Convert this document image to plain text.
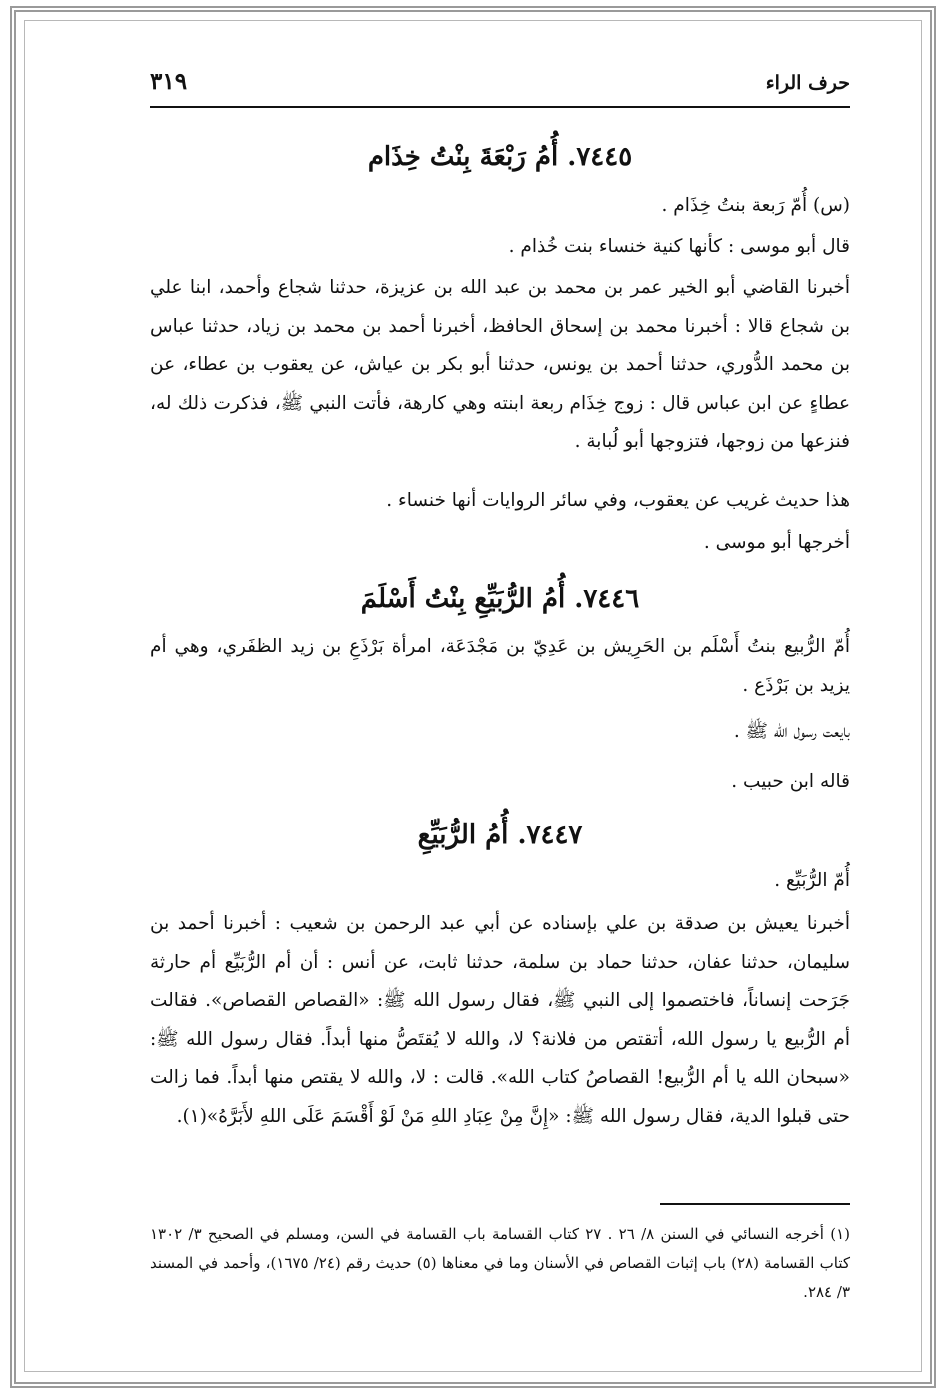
حرف الراء
٣١٩
٧٤٤٥. أُمُ رَبْعَةَ بِنْتُ خِذَام

(س) أُمّ رَبعة بنتُ خِذَام .

قال أبو موسى : كأنها كنية خنساء بنت خُذام .

أخبرنا القاضي أبو الخير عمر بن محمد بن عبد الله بن عزيزة، حدثنا شجاع وأحمد، ابنا علي بن شجاع قالا : أخبرنا محمد بن إسحاق الحافظ، أخبرنا أحمد بن محمد بن زياد، حدثنا عباس بن محمد الدُّوري، حدثنا أحمد بن يونس، حدثنا أبو بكر بن عياش، عن يعقوب بن عطاء، عن عطاءٍ عن ابن عباس قال : زوج خِذَام ربعة ابنته وهي كارهة، فأتت النبي ﷺ، فذكرت ذلك له، فنزعها من زوجها، فتزوجها أبو لُبابة .

هذا حديث غريب عن يعقوب، وفي سائر الروايات أنها خنساء .

أخرجها أبو موسى .

٧٤٤٦. أُمُ الرُّبَيِّعِ بِنْتُ أَسْلَمَ

أُمّ الرُّبيع بنتُ أَسْلَم بن الحَرِيش بن عَدِيّ بن مَجْدَعَة، امرأة بَرْذَعِ بن زيد الظفَري، وهي أم يزيد بن بَرْذَع .

بايعت رسول الله ﷺ .

قاله ابن حبيب .

٧٤٤٧. أُمُ الرُّبَيِّعِ

أُمّ الرُّبَيِّع .

أخبرنا يعيش بن صدقة بن علي بإسناده عن أبي عبد الرحمن بن شعيب : أخبرنا أحمد بن سليمان، حدثنا عفان، حدثنا حماد بن سلمة، حدثنا ثابت، عن أنس : أن أم الرُّبَيِّع أم حارثة جَرَحت إنساناً، فاختصموا إلى النبي ﷺ، فقال رسول الله ﷺ: «القصاص القصاص». فقالت أم الرُّبيع يا رسول الله، أتقتص من فلانة؟ لا، والله لا يُقتَصُّ منها أبداً. فقال رسول الله ﷺ: «سبحان الله يا أم الرُّبيع! القصاصُ كتاب الله». قالت : لا، والله لا يقتص منها أبداً. فما زالت حتى قبلوا الدية، فقال رسول الله ﷺ: «إِنَّ مِنْ عِبَادِ اللهِ مَنْ لَوْ أَقْسَمَ عَلَى اللهِ لأَبَرَّهُ»(١).

(١) أخرجه النسائي في السنن ٨/ ٢٦ . ٢٧ كتاب القسامة باب القسامة في السن، ومسلم في الصحيح ٣/ ١٣٠٢ كتاب القسامة (٢٨) باب إثبات القصاص في الأسنان وما في معناها (٥) حديث رقم (٢٤/ ١٦٧٥)، وأحمد في المسند ٣/ ٢٨٤.
